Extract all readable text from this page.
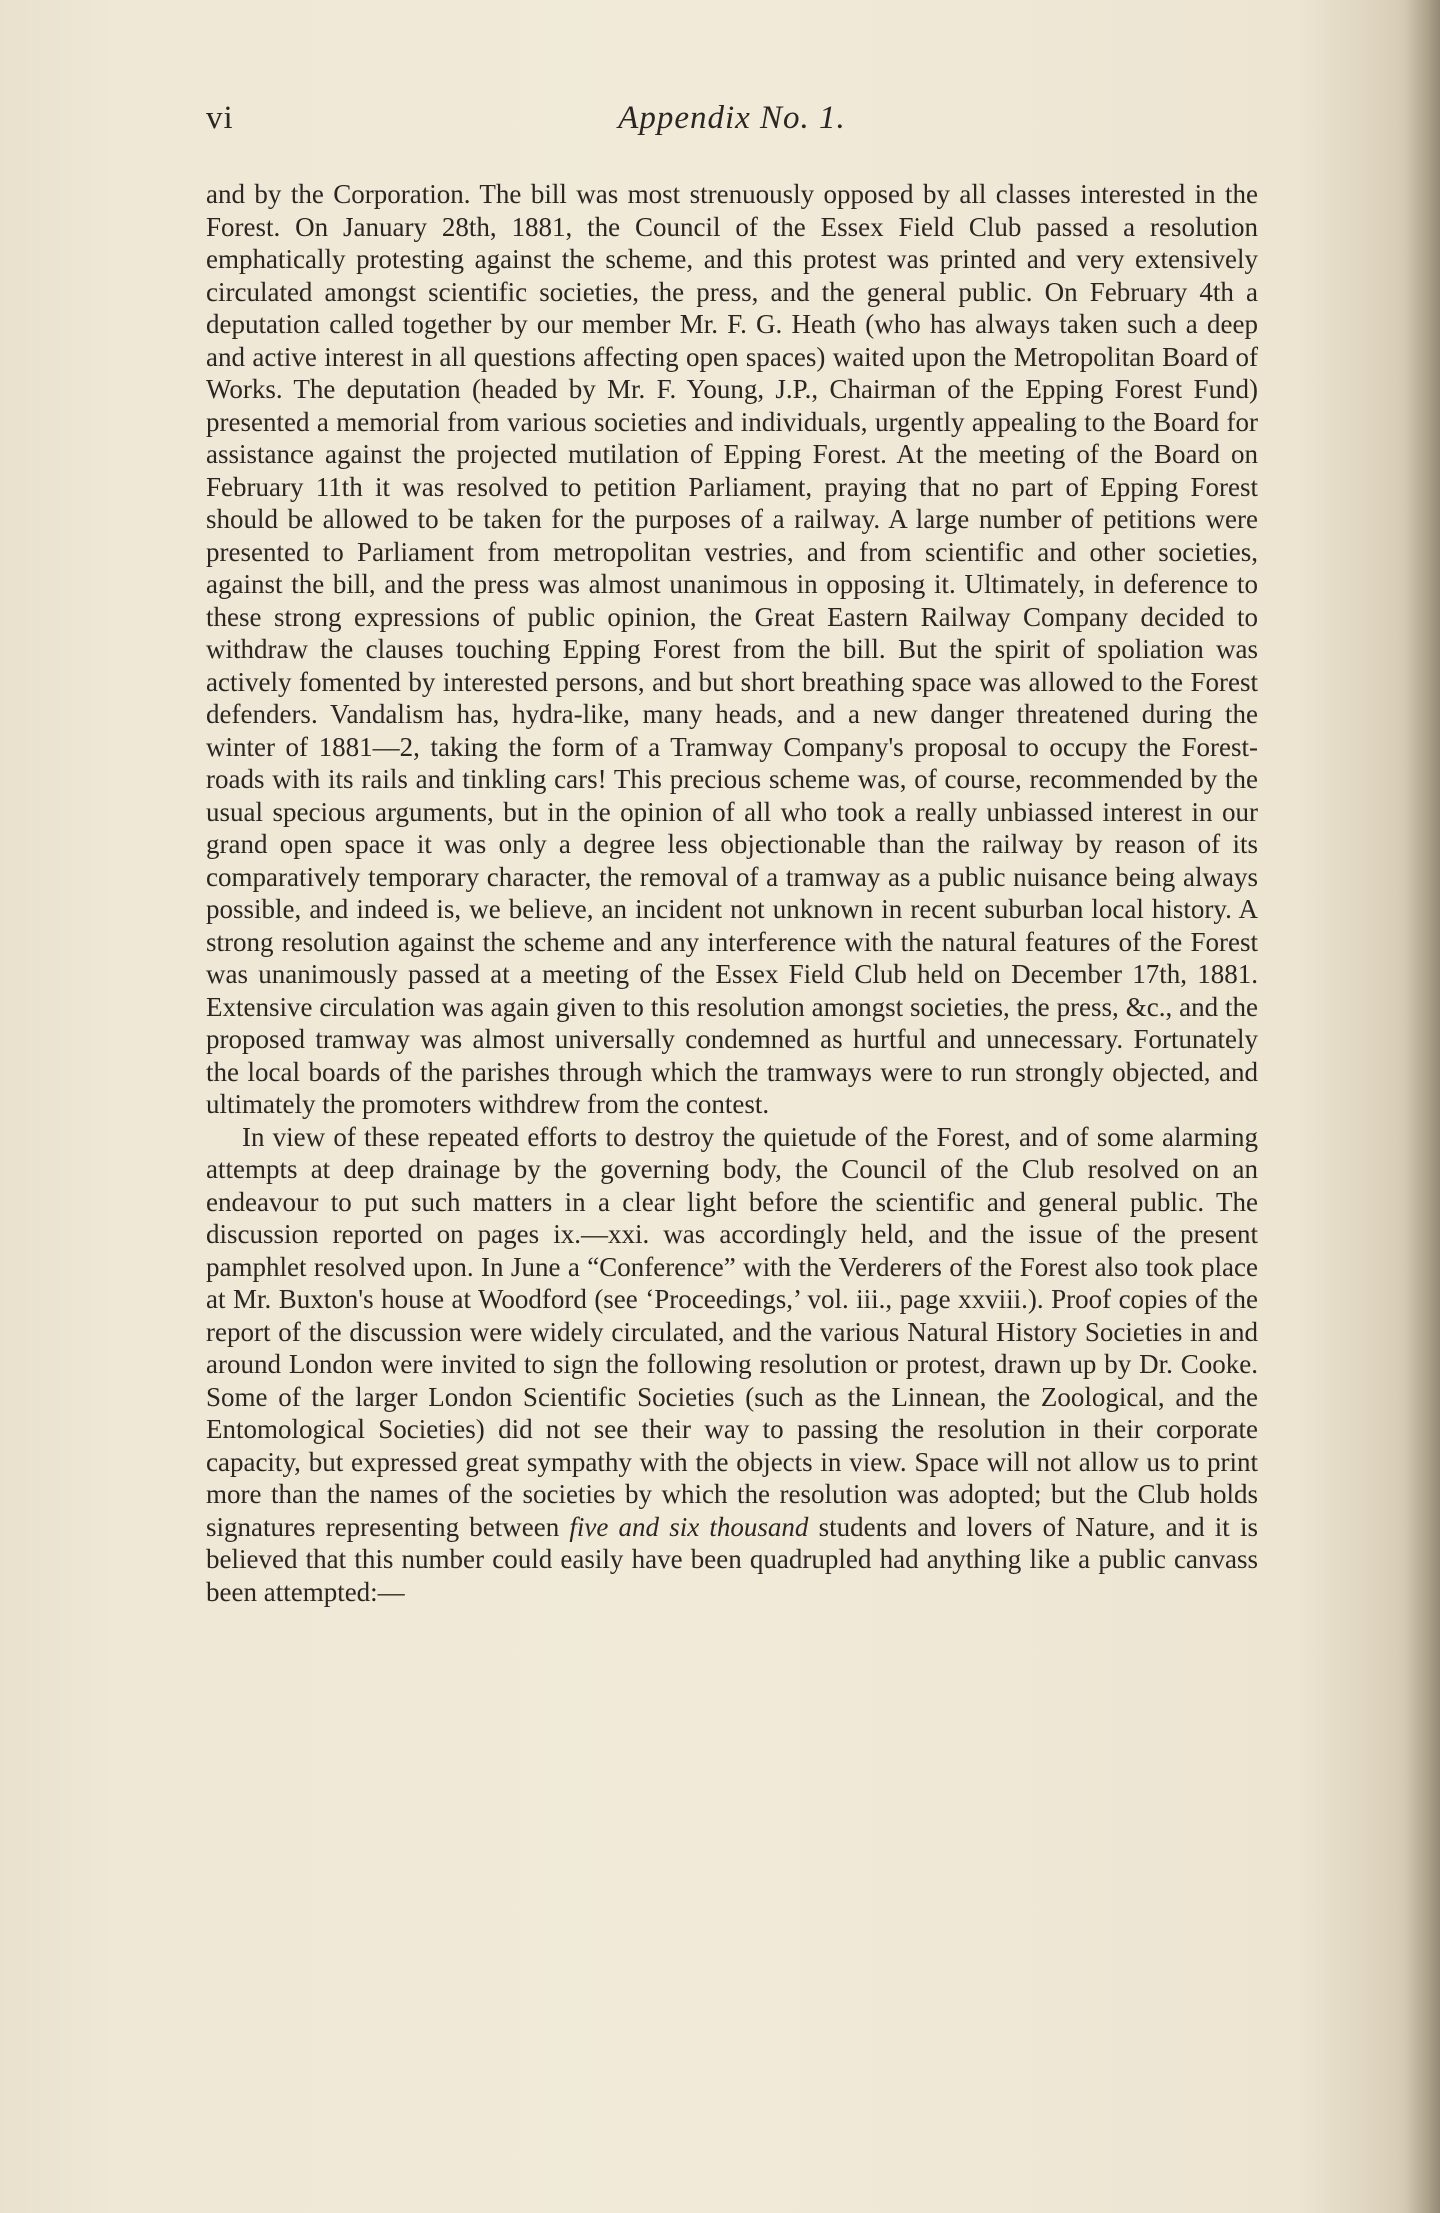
vi	Appendix No. 1.

and by the Corporation. The bill was most strenuously opposed by all classes interested in the Forest. On January 28th, 1881, the Council of the Essex Field Club passed a resolution emphatically protesting against the scheme, and this protest was printed and very extensively circulated amongst scientific societies, the press, and the general public. On February 4th a deputation called together by our member Mr. F. G. Heath (who has always taken such a deep and active interest in all questions affecting open spaces) waited upon the Metropolitan Board of Works. The deputation (headed by Mr. F. Young, J.P., Chairman of the Epping Forest Fund) presented a memorial from various societies and individuals, urgently appealing to the Board for assistance against the projected mutilation of Epping Forest. At the meeting of the Board on February 11th it was resolved to petition Parliament, praying that no part of Epping Forest should be allowed to be taken for the purposes of a railway. A large number of petitions were presented to Parliament from metropolitan vestries, and from scientific and other societies, against the bill, and the press was almost unanimous in opposing it. Ultimately, in deference to these strong expressions of public opinion, the Great Eastern Railway Company decided to withdraw the clauses touching Epping Forest from the bill. But the spirit of spoliation was actively fomented by interested persons, and but short breathing space was allowed to the Forest defenders. Vandalism has, hydra-like, many heads, and a new danger threatened during the winter of 1881—2, taking the form of a Tramway Company's proposal to occupy the Forest-roads with its rails and tinkling cars! This precious scheme was, of course, recommended by the usual specious arguments, but in the opinion of all who took a really unbiassed interest in our grand open space it was only a degree less objectionable than the railway by reason of its comparatively temporary character, the removal of a tramway as a public nuisance being always possible, and indeed is, we believe, an incident not unknown in recent suburban local history. A strong resolution against the scheme and any interference with the natural features of the Forest was unanimously passed at a meeting of the Essex Field Club held on December 17th, 1881. Extensive circulation was again given to this resolution amongst societies, the press, &c., and the proposed tramway was almost universally condemned as hurtful and unnecessary. Fortunately the local boards of the parishes through which the tramways were to run strongly objected, and ultimately the promoters withdrew from the contest.

In view of these repeated efforts to destroy the quietude of the Forest, and of some alarming attempts at deep drainage by the governing body, the Council of the Club resolved on an endeavour to put such matters in a clear light before the scientific and general public. The discussion reported on pages ix.—xxi. was accordingly held, and the issue of the present pamphlet resolved upon. In June a “Conference” with the Verderers of the Forest also took place at Mr. Buxton's house at Woodford (see ‘Proceedings,’ vol. iii., page xxviii.). Proof copies of the report of the discussion were widely circulated, and the various Natural History Societies in and around London were invited to sign the following resolution or protest, drawn up by Dr. Cooke. Some of the larger London Scientific Societies (such as the Linnean, the Zoological, and the Entomological Societies) did not see their way to passing the resolution in their corporate capacity, but expressed great sympathy with the objects in view. Space will not allow us to print more than the names of the societies by which the resolution was adopted; but the Club holds signatures representing between five and six thousand students and lovers of Nature, and it is believed that this number could easily have been quadrupled had anything like a public canvass been attempted:—
